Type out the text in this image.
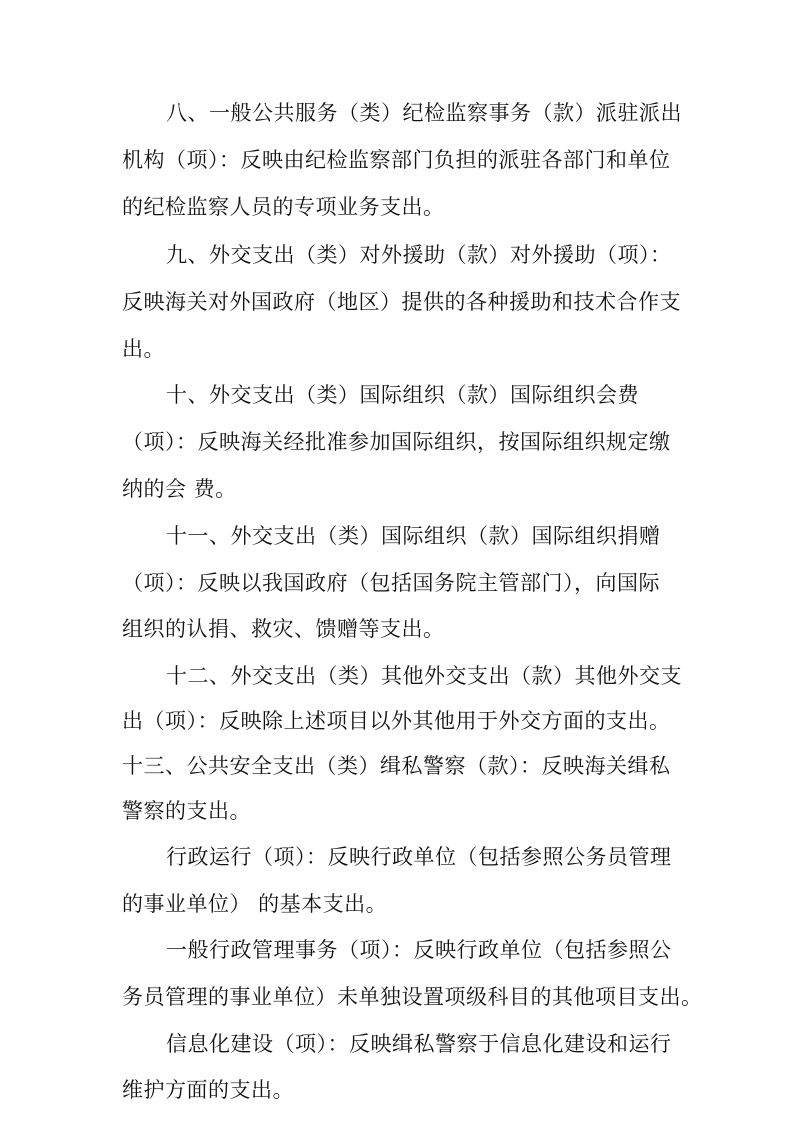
八、一般公共服务（类）纪检监察事务（款）派驻派出
机构（项）：反映由纪检监察部门负担的派驻各部门和单位
的纪检监察人员的专项业务支出。
九、外交支出（类）对外援助（款）对外援助（项）：
反映海关对外国政府（地区）提供的各种援助和技术合作支
出。
十、外交支出（类）国际组织（款）国际组织会费
（项）：反映海关经批准参加国际组织，按国际组织规定缴
纳的会 费。
十一、外交支出（类）国际组织（款）国际组织捐赠
（项）：反映以我国政府（包括国务院主管部门），向国际
组织的认捐、救灾、馈赠等支出。
十二、外交支出（类）其他外交支出（款）其他外交支
出（项）：反映除上述项目以外其他用于外交方面的支出。
十三、公共安全支出（类）缉私警察（款）：反映海关缉私
警察的支出。
行政运行（项）：反映行政单位（包括参照公务员管理
的事业单位） 的基本支出。
一般行政管理事务（项）：反映行政单位（包括参照公
务员管理的事业单位）未单独设置项级科目的其他项目支出。
信息化建设（项）：反映缉私警察于信息化建设和运行
维护方面的支出。
